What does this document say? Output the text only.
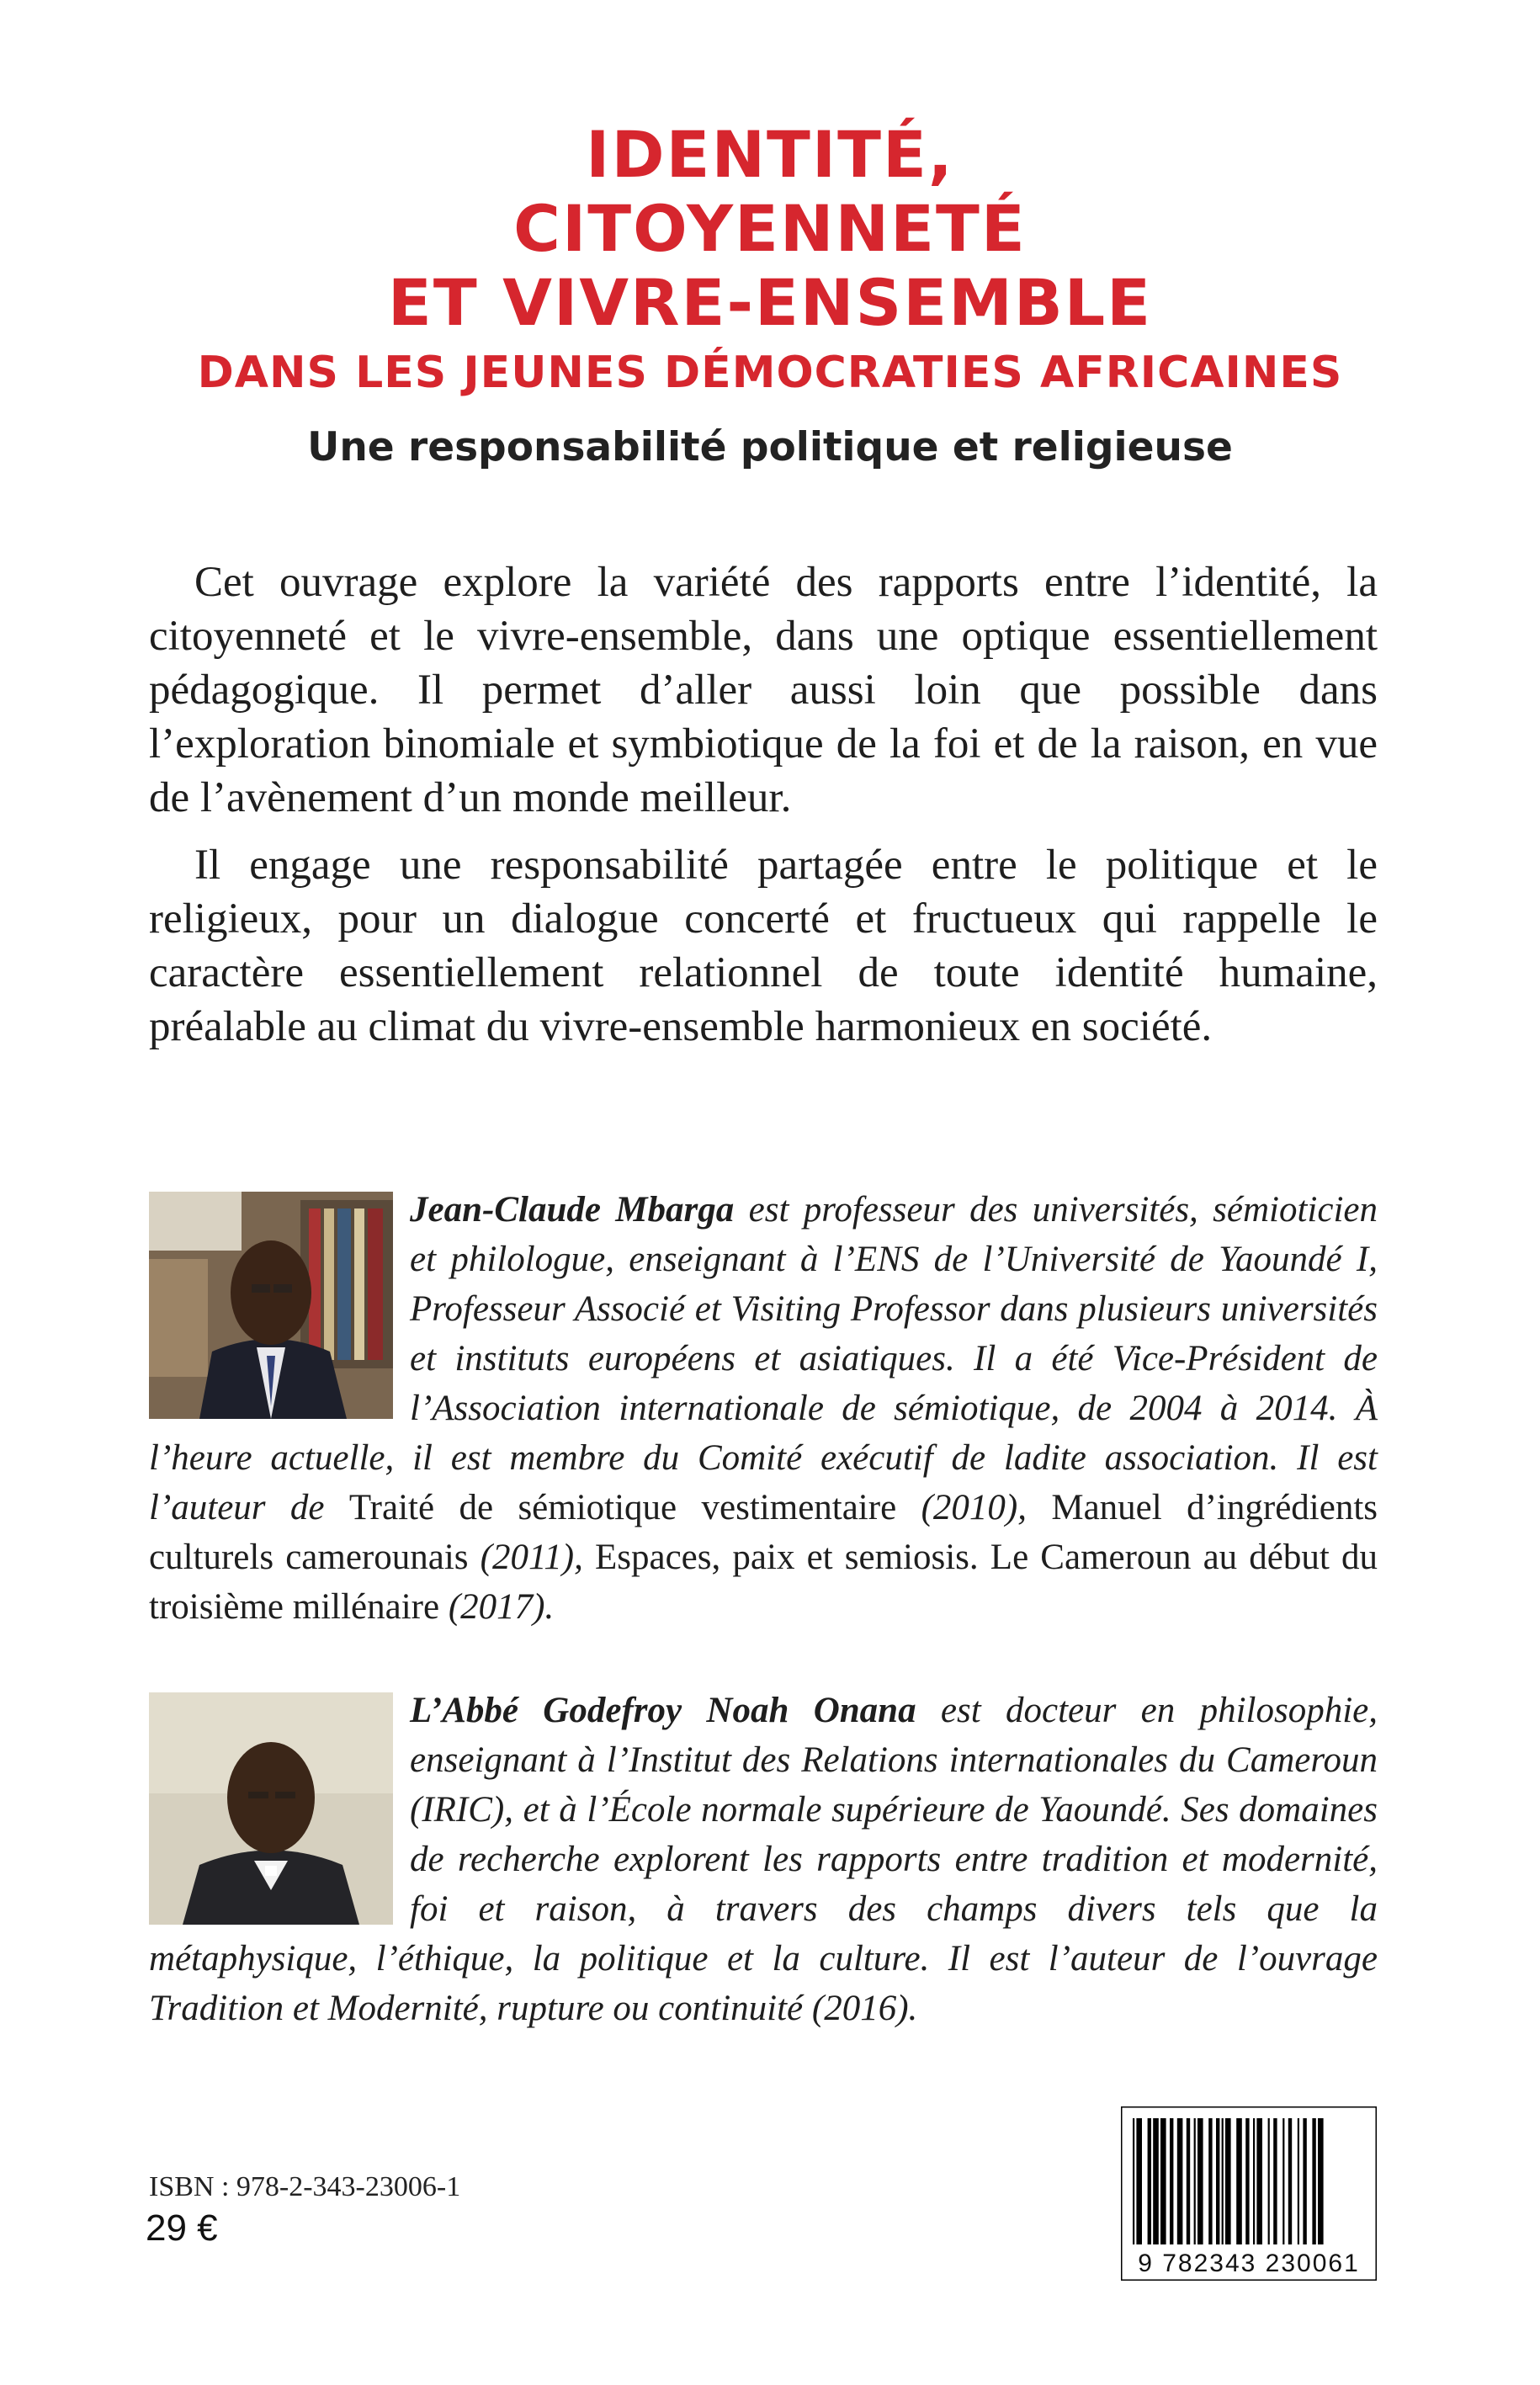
IDENTITÉ,
CITOYENNETÉ
ET VIVRE-ENSEMBLE
DANS LES JEUNES DÉMOCRATIES AFRICAINES
Une responsabilité politique et religieuse

Cet ouvrage explore la variété des rapports entre l’identité, la citoyenneté et le vivre-ensemble, dans une optique essentiellement pédagogique. Il permet d’aller aussi loin que possible dans l’exploration binomiale et symbiotique de la foi et de la raison, en vue de l’avènement d’un monde meilleur.

Il engage une responsabilité partagée entre le politique et le religieux, pour un dialogue concerté et fructueux qui rappelle le caractère essentiellement relationnel de toute identité humaine, préalable au climat du vivre-ensemble harmonieux en société.

Jean-Claude Mbarga est professeur des universités, sémioticien et philologue, enseignant à l’ENS de l’Université de Yaoundé I, Professeur Associé et Visiting Professor dans plusieurs universités et instituts européens et asiatiques. Il a été Vice-Président de l’Association internationale de sémiotique, de 2004 à 2014. À l’heure actuelle, il est membre du Comité exécutif de ladite association. Il est l’auteur de Traité de sémiotique vestimentaire (2010), Manuel d’ingrédients culturels camerounais (2011), Espaces, paix et semiosis. Le Cameroun au début du troisième millénaire (2017).

L’Abbé Godefroy Noah Onana est docteur en philosophie, enseignant à l’Institut des Relations internationales du Cameroun (IRIC), et à l’École normale supérieure de Yaoundé. Ses domaines de recherche explorent les rapports entre tradition et modernité, foi et raison, à travers des champs divers tels que la métaphysique, l’éthique, la politique et la culture. Il est l’auteur de l’ouvrage Tradition et Modernité, rupture ou continuité (2016).

ISBN : 978-2-343-23006-1
29 €
9 782343 230061
